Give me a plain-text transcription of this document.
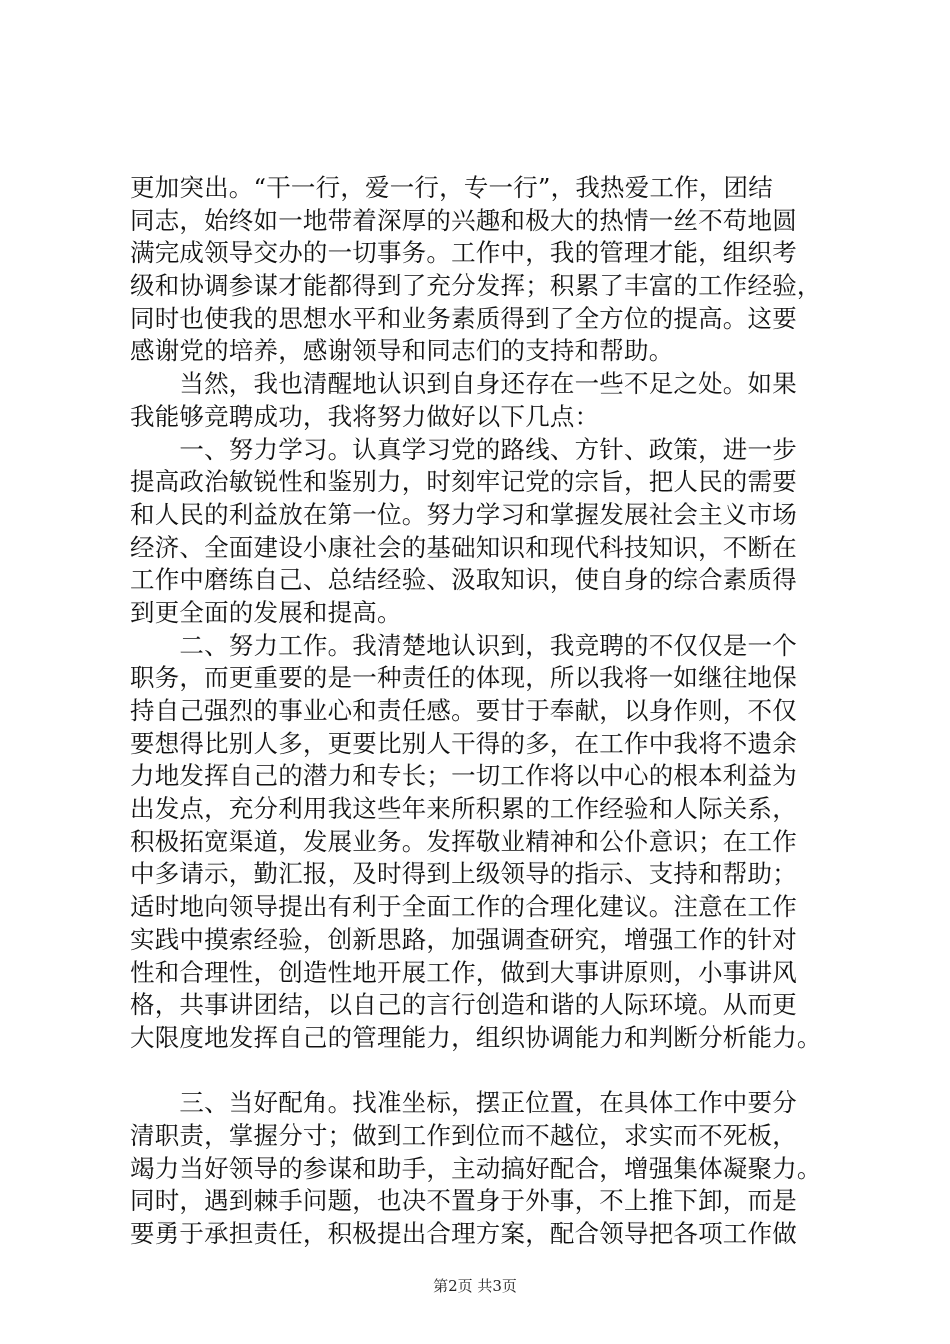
更加突出。“干一行，爱一行，专一行”，我热爱工作，团结
同志，始终如一地带着深厚的兴趣和极大的热情一丝不苟地圆
满完成领导交办的一切事务。工作中，我的管理才能，组织考
级和协调参谋才能都得到了充分发挥；积累了丰富的工作经验，
同时也使我的思想水平和业务素质得到了全方位的提高。这要
感谢党的培养，感谢领导和同志们的支持和帮助。
　　当然，我也清醒地认识到自身还存在一些不足之处。如果
我能够竞聘成功，我将努力做好以下几点：
　　一、努力学习。认真学习党的路线、方针、政策，进一步
提高政治敏锐性和鉴别力，时刻牢记党的宗旨，把人民的需要
和人民的利益放在第一位。努力学习和掌握发展社会主义市场
经济、全面建设小康社会的基础知识和现代科技知识，不断在
工作中磨练自己、总结经验、汲取知识，使自身的综合素质得
到更全面的发展和提高。
　　二、努力工作。我清楚地认识到，我竞聘的不仅仅是一个
职务，而更重要的是一种责任的体现，所以我将一如继往地保
持自己强烈的事业心和责任感。要甘于奉献，以身作则，不仅
要想得比别人多，更要比别人干得的多，在工作中我将不遗余
力地发挥自己的潜力和专长；一切工作将以中心的根本利益为
出发点，充分利用我这些年来所积累的工作经验和人际关系，
积极拓宽渠道，发展业务。发挥敬业精神和公仆意识；在工作
中多请示，勤汇报，及时得到上级领导的指示、支持和帮助；
适时地向领导提出有利于全面工作的合理化建议。注意在工作
实践中摸索经验，创新思路，加强调查研究，增强工作的针对
性和合理性，创造性地开展工作，做到大事讲原则，小事讲风
格，共事讲团结，以自己的言行创造和谐的人际环境。从而更
大限度地发挥自己的管理能力，组织协调能力和判断分析能力。
　　三、当好配角。找准坐标，摆正位置，在具体工作中要分
清职责，掌握分寸；做到工作到位而不越位，求实而不死板，
竭力当好领导的参谋和助手，主动搞好配合，增强集体凝聚力。
同时，遇到棘手问题，也决不置身于外事，不上推下卸，而是
要勇于承担责任，积极提出合理方案，配合领导把各项工作做
第2页 共3页
